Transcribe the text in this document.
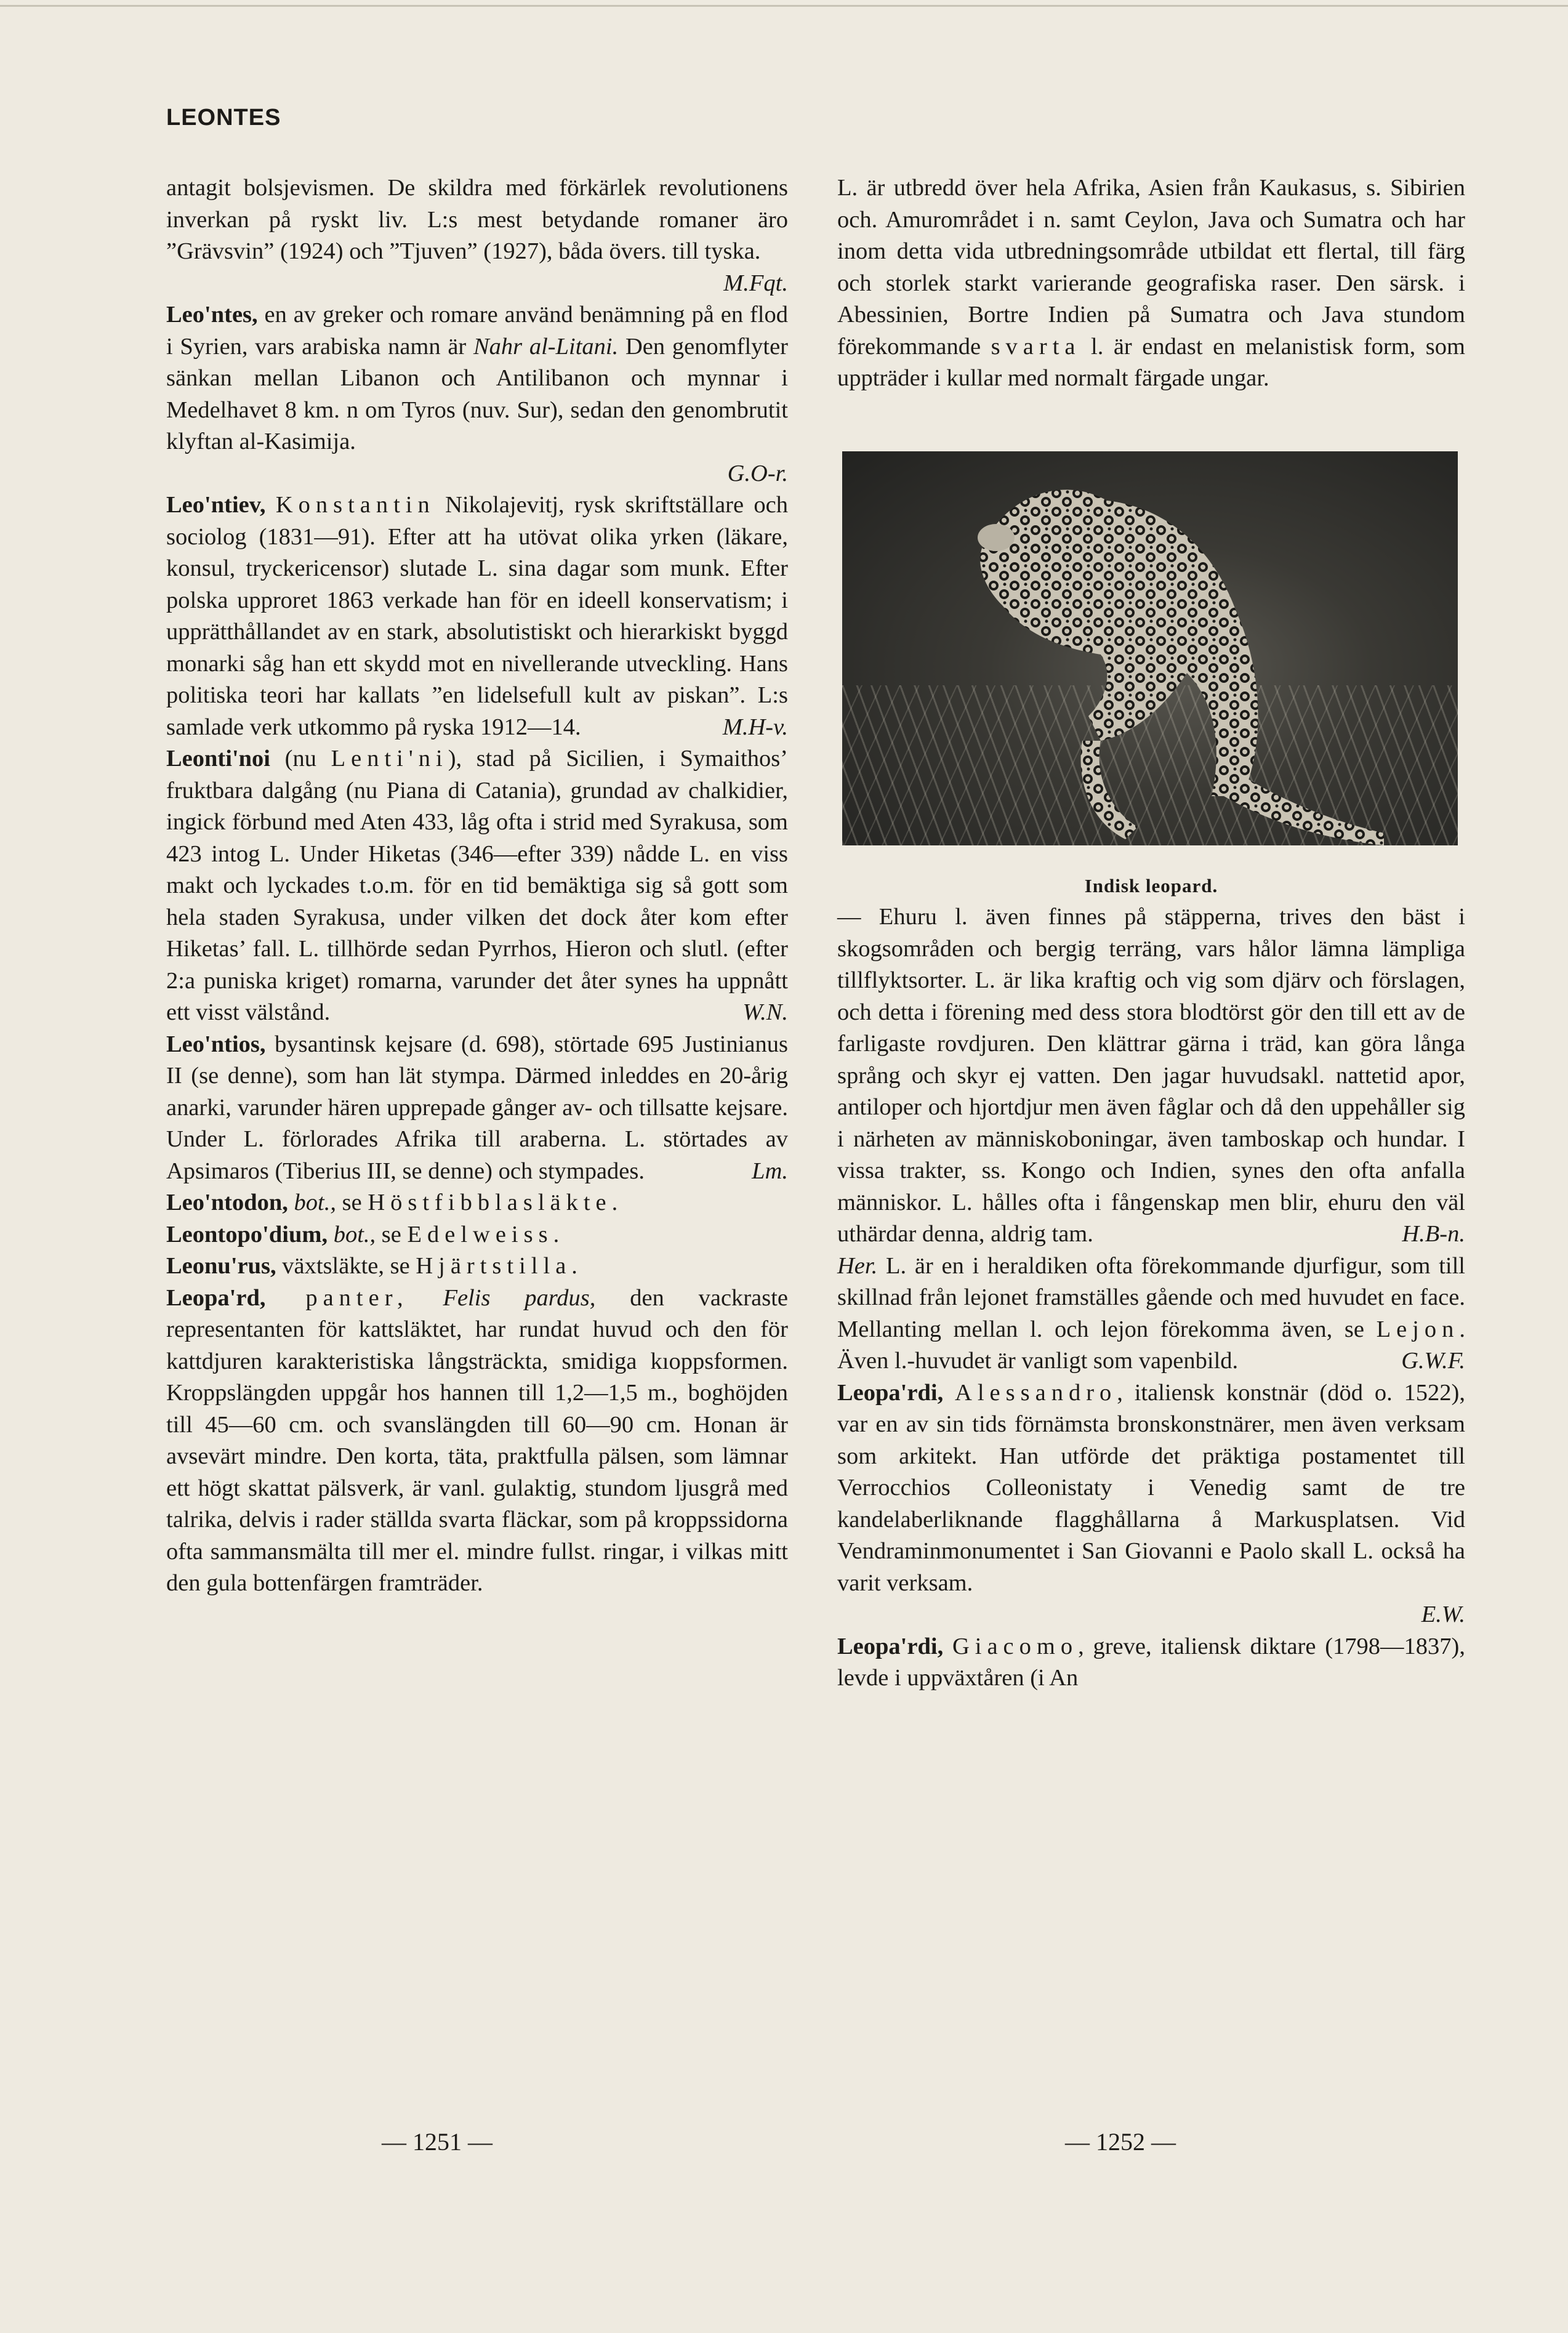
LEONTES

antagit bolsjevismen. De skildra med förkärlek revolutionens inverkan på ryskt liv. L:s mest betydande romaner äro ”Grävsvin” (1924) och ”Tjuven” (1927), båda övers. till tyska.
M.Fqt.

Leo'ntes, en av greker och romare använd benämning på en flod i Syrien, vars arabiska namn är Nahr al-Litani. Den genomflyter sänkan mellan Libanon och Antilibanon och mynnar i Medelhavet 8 km. n om Tyros (nuv. Sur), sedan den genombrutit klyftan al-Kasimija.
G.O-r.

Leo'ntiev, Konstantin Nikolajevitj, rysk skriftställare och sociolog (1831—91). Efter att ha utövat olika yrken (läkare, konsul, tryckericensor) slutade L. sina dagar som munk. Efter polska upproret 1863 verkade han för en ideell konservatism; i upprätthållandet av en stark, absolutistiskt och hierarkiskt byggd monarki såg han ett skydd mot en nivellerande utveckling. Hans politiska teori har kallats ”en lidelsefull kult av piskan”. L:s samlade verk utkommo på ryska 1912—14.	M.H-v.

Leonti'noi (nu Lenti'ni), stad på Sicilien, i Symaithos’ fruktbara dalgång (nu Piana di Catania), grundad av chalkidier, ingick förbund med Aten 433, låg ofta i strid med Syrakusa, som 423 intog L. Under Hiketas (346—efter 339) nådde L. en viss makt och lyckades t.o.m. för en tid bemäktiga sig så gott som hela staden Syrakusa, under vilken det dock åter kom efter Hiketas’ fall. L. tillhörde sedan Pyrrhos, Hieron och slutl. (efter 2:a puniska kriget) romarna, varunder det åter synes ha uppnått ett visst välstånd.	W.N.

Leo'ntios, bysantinsk kejsare (d. 698), störtade 695 Justinianus II (se denne), som han lät stympa. Därmed inleddes en 20-årig anarki, varunder hären upprepade gånger av- och tillsatte kejsare. Under L. förlorades Afrika till araberna. L. störtades av Apsimaros (Tiberius III, se denne) och stympades.	Lm.

Leo'ntodon, bot., se Höstfibblasläkte.

Leontopo'dium, bot., se Edelweiss.

Leonu'rus, växtsläkte, se Hjärtstilla.

Leopa'rd, panter, Felis pardus, den vackraste representanten för kattsläktet, har rundat huvud och den för kattdjuren karakteristiska långsträckta, smidiga kıoppsformen. Kroppslängden uppgår hos hannen till 1,2—1,5 m., boghöjden till 45—60 cm. och svanslängden till 60—90 cm. Honan är avsevärt mindre. Den korta, täta, praktfulla pälsen, som lämnar ett högt skattat pälsverk, är vanl. gulaktig, stundom ljusgrå med talrika, delvis i rader ställda svarta fläckar, som på kroppssidorna ofta sammansmälta till mer el. mindre fullst. ringar, i vilkas mitt den gula bottenfärgen framträder.

L. är utbredd över hela Afrika, Asien från Kaukasus, s. Sibirien och. Amurområdet i n. samt Ceylon, Java och Sumatra och har inom detta vida utbredningsområde utbildat ett flertal, till färg och storlek starkt varierande geografiska raser. Den särsk. i Abessinien, Bortre Indien på Sumatra och Java stundom förekommande svarta l. är endast en melanistisk form, som uppträder i kullar med normalt färgade ungar.

Indisk leopard.

— Ehuru l. även finnes på stäpperna, trives den bäst i skogsområden och bergig terräng, vars hålor lämna lämpliga tillflyktsorter. L. är lika kraftig och vig som djärv och förslagen, och detta i förening med dess stora blodtörst gör den till ett av de farligaste rovdjuren. Den klättrar gärna i träd, kan göra långa språng och skyr ej vatten. Den jagar huvudsakl. nattetid apor, antiloper och hjortdjur men även fåglar och då den uppehåller sig i närheten av människoboningar, även tamboskap och hundar. I vissa trakter, ss. Kongo och Indien, synes den ofta anfalla människor. L. hålles ofta i fångenskap men blir, ehuru den väl uthärdar denna, aldrig tam.	H.B-n.

Her. L. är en i heraldiken ofta förekommande djurfigur, som till skillnad från lejonet framställes gående och med huvudet en face. Mellanting mellan l. och lejon förekomma även, se Lejon. Även l.-huvudet är vanligt som vapenbild.	G.W.F.

Leopa'rdi, Alessandro, italiensk konstnär (död o. 1522), var en av sin tids förnämsta bronskonstnärer, men även verksam som arkitekt. Han utförde det präktiga postamentet till Verrocchios Colleonistaty i Venedig samt de tre kandelaberliknande flagghållarna å Markusplatsen. Vid Vendraminmonumentet i San Giovanni e Paolo skall L. också ha varit verksam.
E.W.

Leopa'rdi, Giacomo, greve, italiensk diktare (1798—1837), levde i uppväxtåren (i An

— 1251 —	— 1252 —
